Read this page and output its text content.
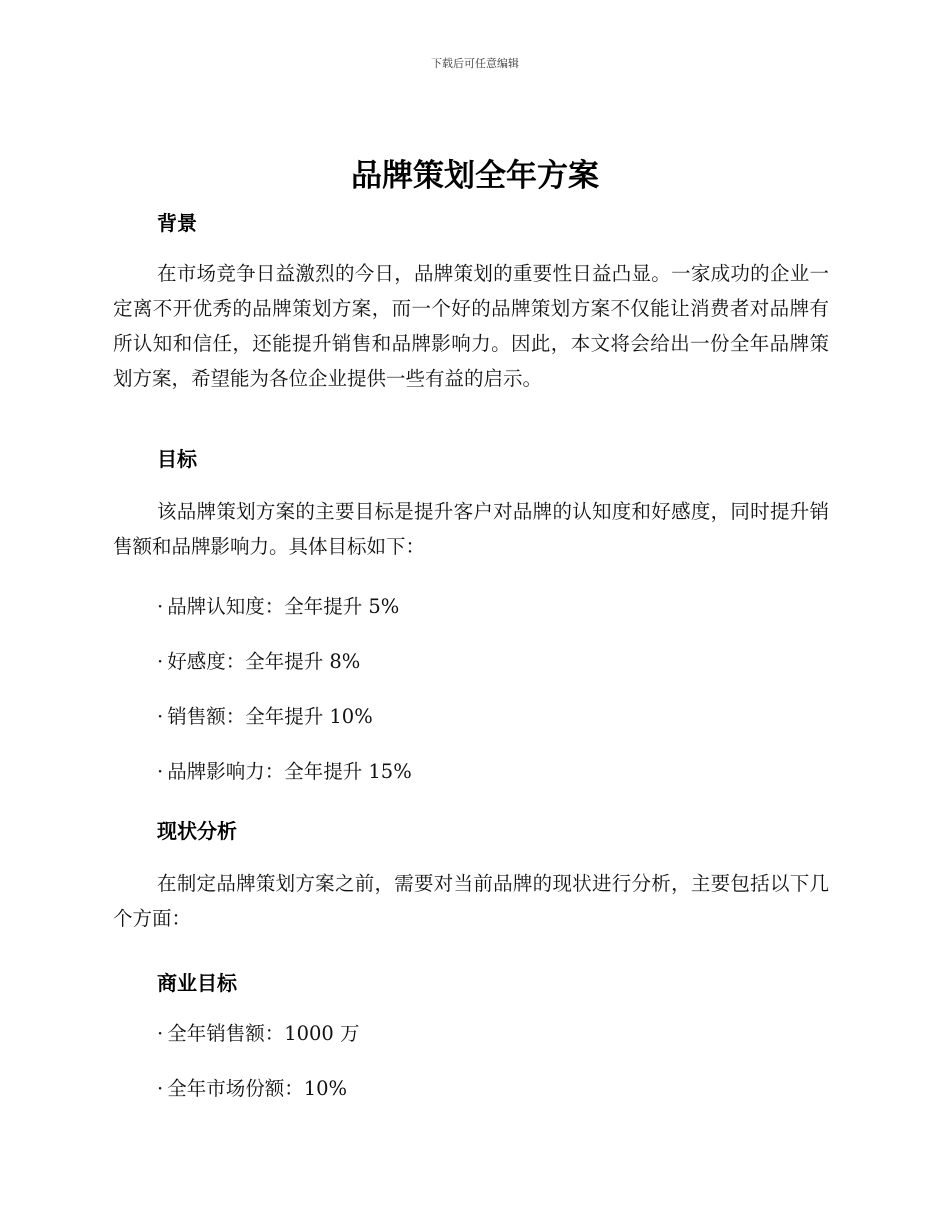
下载后可任意编辑
品牌策划全年方案
背景

在市场竞争日益激烈的今日，品牌策划的重要性日益凸显。一家成功的企业一定离不开优秀的品牌策划方案，而一个好的品牌策划方案不仅能让消费者对品牌有所认知和信任，还能提升销售和品牌影响力。因此，本文将会给出一份全年品牌策划方案，希望能为各位企业提供一些有益的启示。

目标

该品牌策划方案的主要目标是提升客户对品牌的认知度和好感度，同时提升销售额和品牌影响力。具体目标如下：

· 品牌认知度：全年提升 5%
· 好感度：全年提升 8%
· 销售额：全年提升 10%
· 品牌影响力：全年提升 15%
现状分析

在制定品牌策划方案之前，需要对当前品牌的现状进行分析，主要包括以下几个方面：

商业目标
· 全年销售额：1000 万
· 全年市场份额：10%
